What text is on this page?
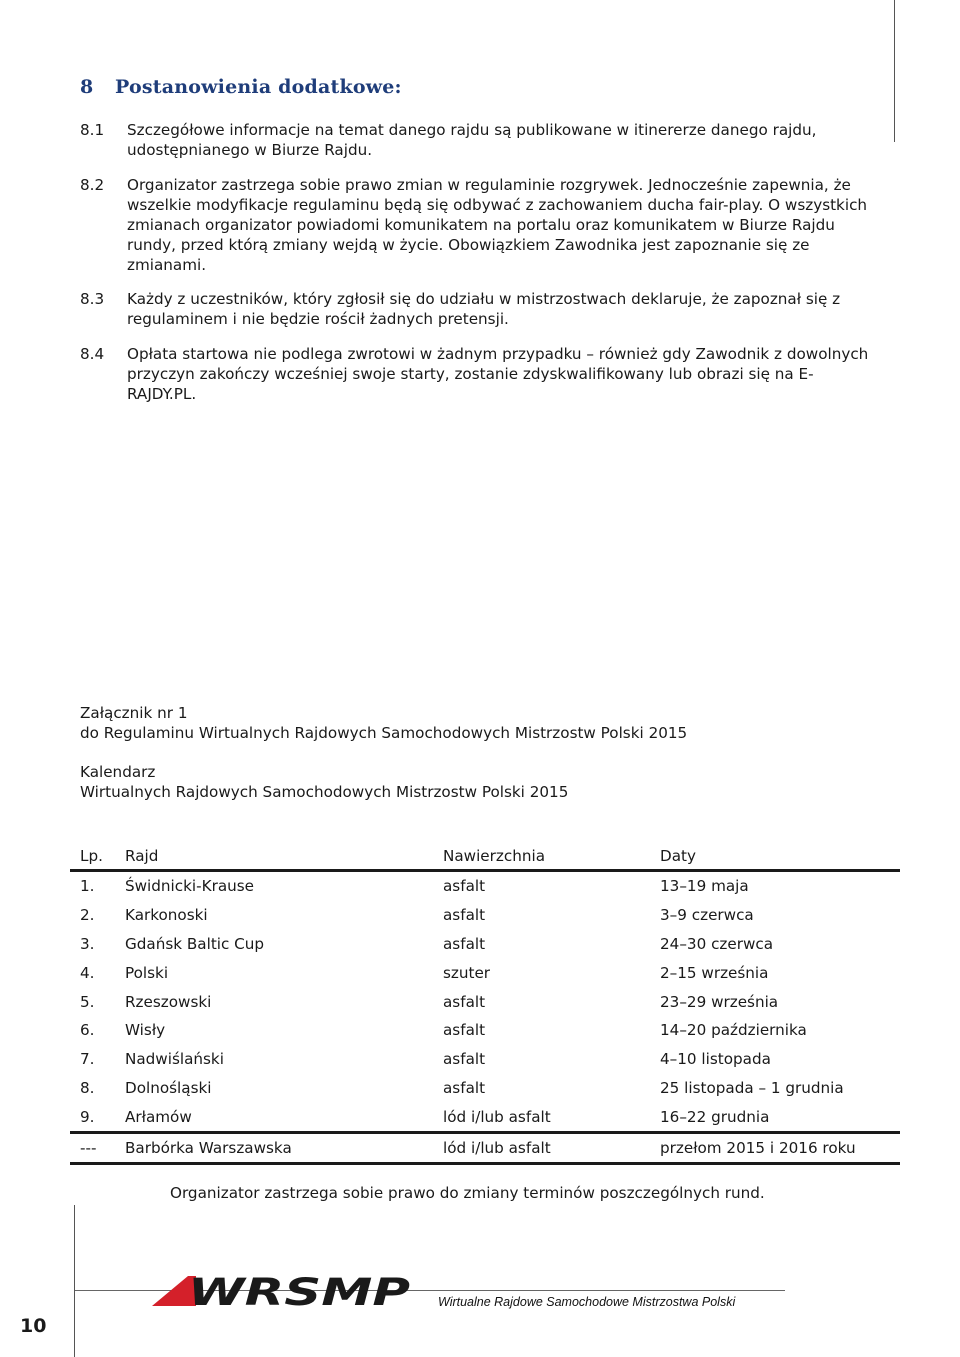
8 Postanowienia dodatkowe:
8.1 Szczegółowe informacje na temat danego rajdu są publikowane w itinererze danego rajdu, udostępnianego w Biurze Rajdu.
8.2 Organizator zastrzega sobie prawo zmian w regulaminie rozgrywek. Jednocześnie zapewnia, że wszelkie modyfikacje regulaminu będą się odbywać z zachowaniem ducha fair-play. O wszystkich zmianach organizator powiadomi komunikatem na portalu oraz komunikatem w Biurze Rajdu rundy, przed którą zmiany wejdą w życie. Obowiązkiem Zawodnika jest zapoznanie się ze zmianami.
8.3 Każdy z uczestników, który zgłosił się do udziału w mistrzostwach deklaruje, że zapoznał się z regulaminem i nie będzie rościł żadnych pretensji.
8.4 Opłata startowa nie podlega zwrotowi w żadnym przypadku – również gdy Zawodnik z dowolnych przyczyn zakończy wcześniej swoje starty, zostanie zdyskwalifikowany lub obrazi się na E-RAJDY.PL.
Załącznik nr 1
do Regulaminu Wirtualnych Rajdowych Samochodowych Mistrzostw Polski 2015
Kalendarz
Wirtualnych Rajdowych Samochodowych Mistrzostw Polski 2015
Lp.	Rajd	Nawierzchnia	Daty
1.	Świdnicki-Krause	asfalt	13–19 maja
2.	Karkonoski	asfalt	3–9 czerwca
3.	Gdańsk Baltic Cup	asfalt	24–30 czerwca
4.	Polski	szuter	2–15 września
5.	Rzeszowski	asfalt	23–29 września
6.	Wisły	asfalt	14–20 października
7.	Nadwiślański	asfalt	4–10 listopada
8.	Dolnośląski	asfalt	25 listopada – 1 grudnia
9.	Arłamów	lód i/lub asfalt	16–22 grudnia
---	Barbórka Warszawska	lód i/lub asfalt	przełom 2015 i 2016 roku
Organizator zastrzega sobie prawo do zmiany terminów poszczególnych rund.
WRSMP Wirtualne Rajdowe Samochodowe Mistrzostwa Polski
10
